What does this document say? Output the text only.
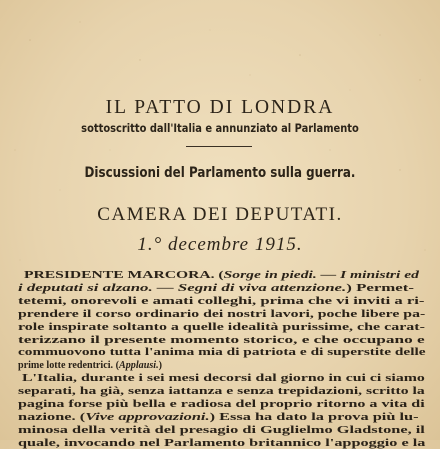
IL PATTO DI LONDRA
sottoscritto dall'Italia e annunziato al Parlamento
Discussioni del Parlamento sulla guerra.
CAMERA DEI DEPUTATI.
1.° decembre 1915.
PRESIDENTE MARCORA. (Sorge in piedi. — I ministri ed
i deputati si alzano. — Segni di viva attenzione.) Permet-
tetemi, onorevoli e amati colleghi, prima che vi inviti a ri-
prendere il corso ordinario dei nostri lavori, poche libere pa-
role inspirate soltanto a quelle idealità purissime, che carat-
terizzano il presente momento storico, e che occupano e
commuovono tutta l'anima mia di patriota e di superstite delle
prime lotte redentrici. (Applausi.)
L'Italia, durante i sei mesi decorsi dal giorno in cui ci siamo
separati, ha già, senza iattanza e senza trepidazioni, scritto la
pagina forse più bella e radiosa del proprio ritorno a vita di
nazione. (Vive approvazioni.) Essa ha dato la prova più lu-
minosa della verità del presagio di Guglielmo Gladstone, il
quale, invocando nel Parlamento britannico l'appoggio e la
